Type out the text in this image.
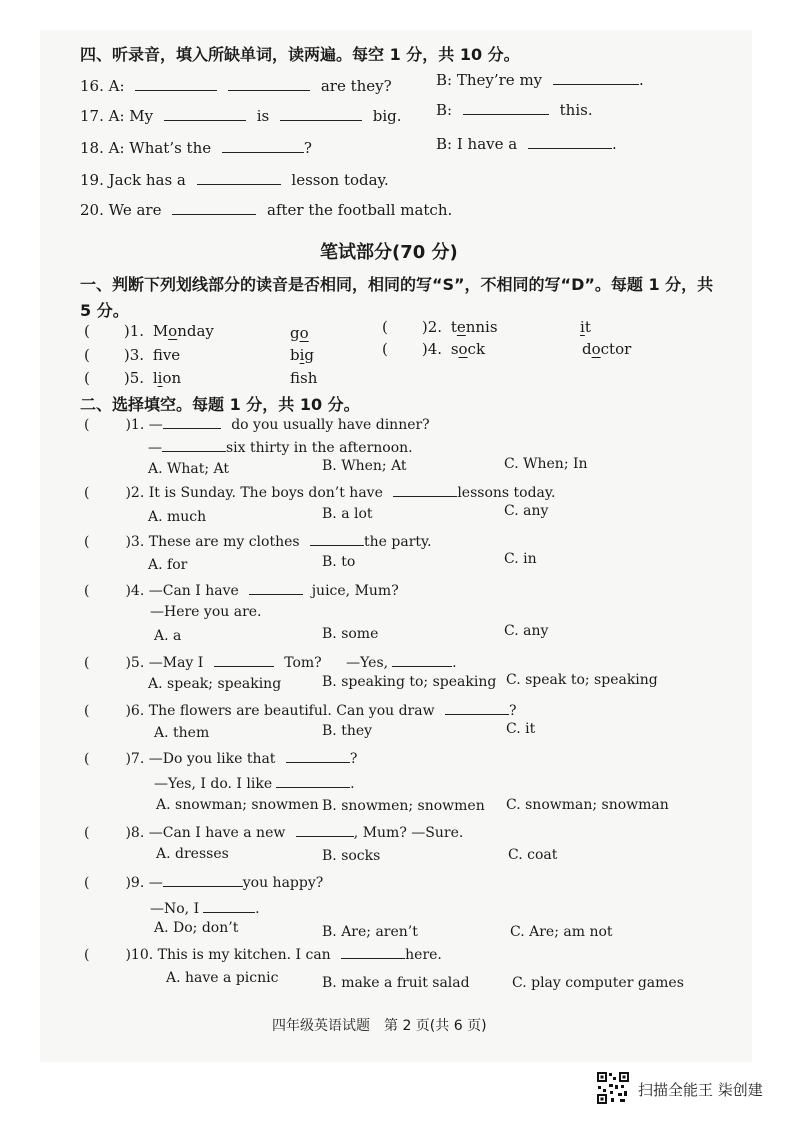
四、听录音，填入所缺单词，读两遍。每空 1 分，共 10 分。
16. A:	are they?	B: They’re my	.
17. A: My	is	big. B:	this.
18. A: What’s the	?	B: I have a	.
19. Jack has a	lesson today.
20. We are	after the football match.
笔试部分(70 分)
一、判断下列划线部分的读音是否相同，相同的写“S”，不相同的写“D”。每题 1 分，共
5 分。
( )1. Monday	go	( )2. tennis	it
( )3. fve	big	( )4. sock	doctor
( )5. lion	fsh
二、选择填空。每题 1 分，共 10 分。
(	)1. —	do you usually have dinner?
—	six thirty in the afternoon.
A. What; At	B. When; At	C. When; In
(	)2. It is Sunday. The boys don’t have	lessons today.
A. much	B. a lot	C. any
(	)3. These are my clothes	the party.
A. for	B. to	C. in
(	)4. —Can I have	juice, Mum?
—Here you are.
A. a	B. some	C. any
(	)5. —May I	Tom? —Yes,	.
A. speak; speaking	B. speaking to; speaking C. speak to; speaking
(	)6. The flowers are beautiful. Can you draw	?
A. them	B. they	C. it
(	)7. —Do you like that	?
—Yes, I do. I like	.
A. snowman; snowmen B. snowmen; snowmen C. snowman; snowman
(	)8. —Can I have a new	, Mum? —Sure.
A. dresses	B. socks	C. coat
(	)9. —	you happy?
—No, I	.
A. Do; don’t	B. Are; aren’t	C. Are; am not
(	)10. This is my kitchen. I can	here.
A. have a picnic	B. make a fruit salad	C. play computer games
四年级英语试题　第 2 页(共 6 页)
扫描全能王 柒创建
